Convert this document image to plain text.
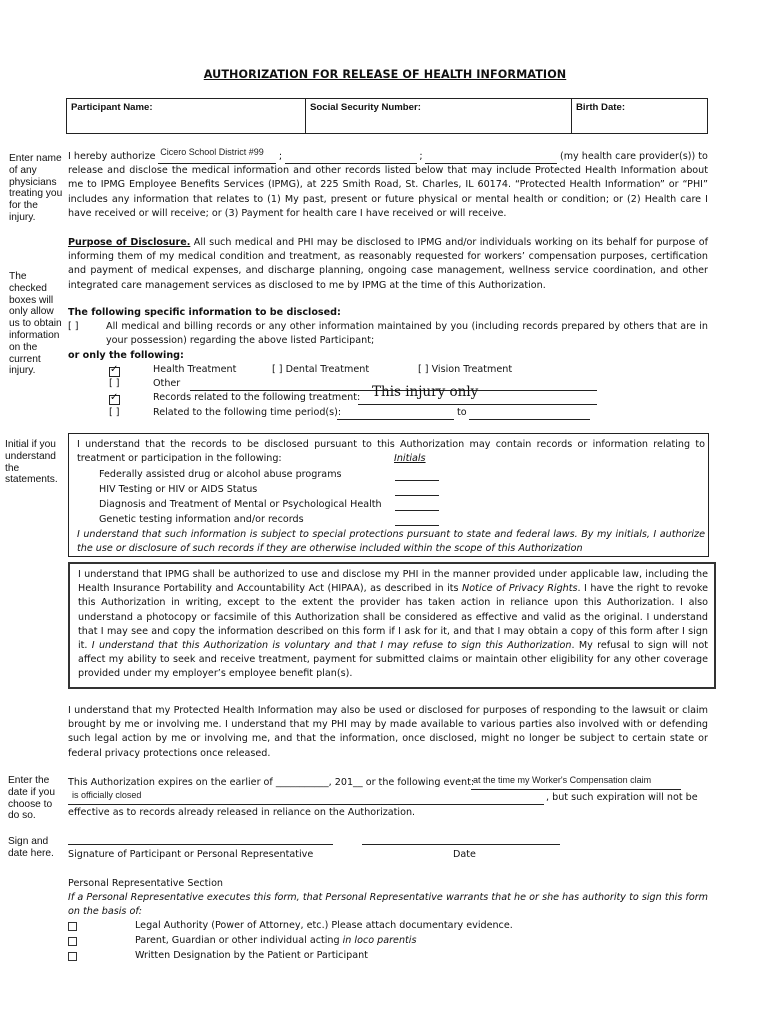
AUTHORIZATION FOR RELEASE OF HEALTH INFORMATION
Participant Name:	Social Security Number:	Birth Date:
Enter name of any physicians treating you for the injury.
The checked boxes will only allow us to obtain information on the current injury.
Initial if you understand the statements.
Enter the date if you choose to do so.
Sign and date here.
I hereby authorize Cicero School District #99 ;	;	(my health care provider(s)) to
release and disclose the medical information and other records listed below that may include Protected Health Information about me to IPMG Employee Benefits Services (IPMG), at 225 Smith Road, St. Charles, IL 60174. “Protected Health Information” or “PHI” includes any information that relates to (1) My past, present or future physical or mental health or condition; or (2) Health care I have received or will receive; or (3) Payment for health care I have received or will receive.
Purpose of Disclosure. All such medical and PHI may be disclosed to IPMG and/or individuals working on its behalf for purpose of informing them of my medical condition and treatment, as reasonably requested for workers’ compensation purposes, certification and payment of medical expenses, and discharge planning, ongoing case management, wellness service coordination, and other integrated care management services as disclosed to me by IPMG at the time of this Authorization.
The following specific information to be disclosed:
[ ]	All medical and billing records or any other information maintained by you (including records prepared by others that are in your possession) regarding the above listed Participant;
or only the following:
✓
Health Treatment	[ ] Dental Treatment	[ ] Vision Treatment
[ ]	Other
✓
Records related to the following treatment: This injury only
[ ]	Related to the following time period(s):	to
I understand that the records to be disclosed pursuant to this Authorization may contain records or information relating to treatment or participation in the following:	Initials
Federally assisted drug or alcohol abuse programs
HIV Testing or HIV or AIDS Status
Diagnosis and Treatment of Mental or Psychological Health
Genetic testing information and/or records
I understand that such information is subject to special protections pursuant to state and federal laws. By my initials, I authorize the use or disclosure of such records if they are otherwise included within the scope of this Authorization
I understand that IPMG shall be authorized to use and disclose my PHI in the manner provided under applicable law, including the Health Insurance Portability and Accountability Act (HIPAA), as described in its Notice of Privacy Rights. I have the right to revoke this Authorization in writing, except to the extent the provider has taken action in reliance upon this Authorization. I also understand a photocopy or facsimile of this Authorization shall be considered as effective and valid as the original. I understand that I may see and copy the information described on this form if I ask for it, and that I may obtain a copy of this form after I sign it. I understand that this Authorization is voluntary and that I may refuse to sign this Authorization. My refusal to sign will not affect my ability to seek and receive treatment, payment for submitted claims or maintain other eligibility for any other coverage provided under my employer’s employee benefit plan(s).
I understand that my Protected Health Information may also be used or disclosed for purposes of responding to the lawsuit or claim brought by me or involving me. I understand that my PHI may by made available to various parties also involved with or defending such legal action by me or involving me, and that the information, once disclosed, might no longer be subject to certain state or federal privacy protections once released.
This Authorization expires on the earlier of ___________, 201__ or the following event:
at the time my Worker's Compensation claim
is officially closed	, but such expiration will not be
effective as to records already released in reliance on the Authorization.
Signature of Participant or Personal Representative	Date
Personal Representative Section
If a Personal Representative executes this form, that Personal Representative warrants that he or she has authority to sign this form on the basis of:
Legal Authority (Power of Attorney, etc.) Please attach documentary evidence.
Parent, Guardian or other individual acting in loco parentis
Written Designation by the Patient or Participant
